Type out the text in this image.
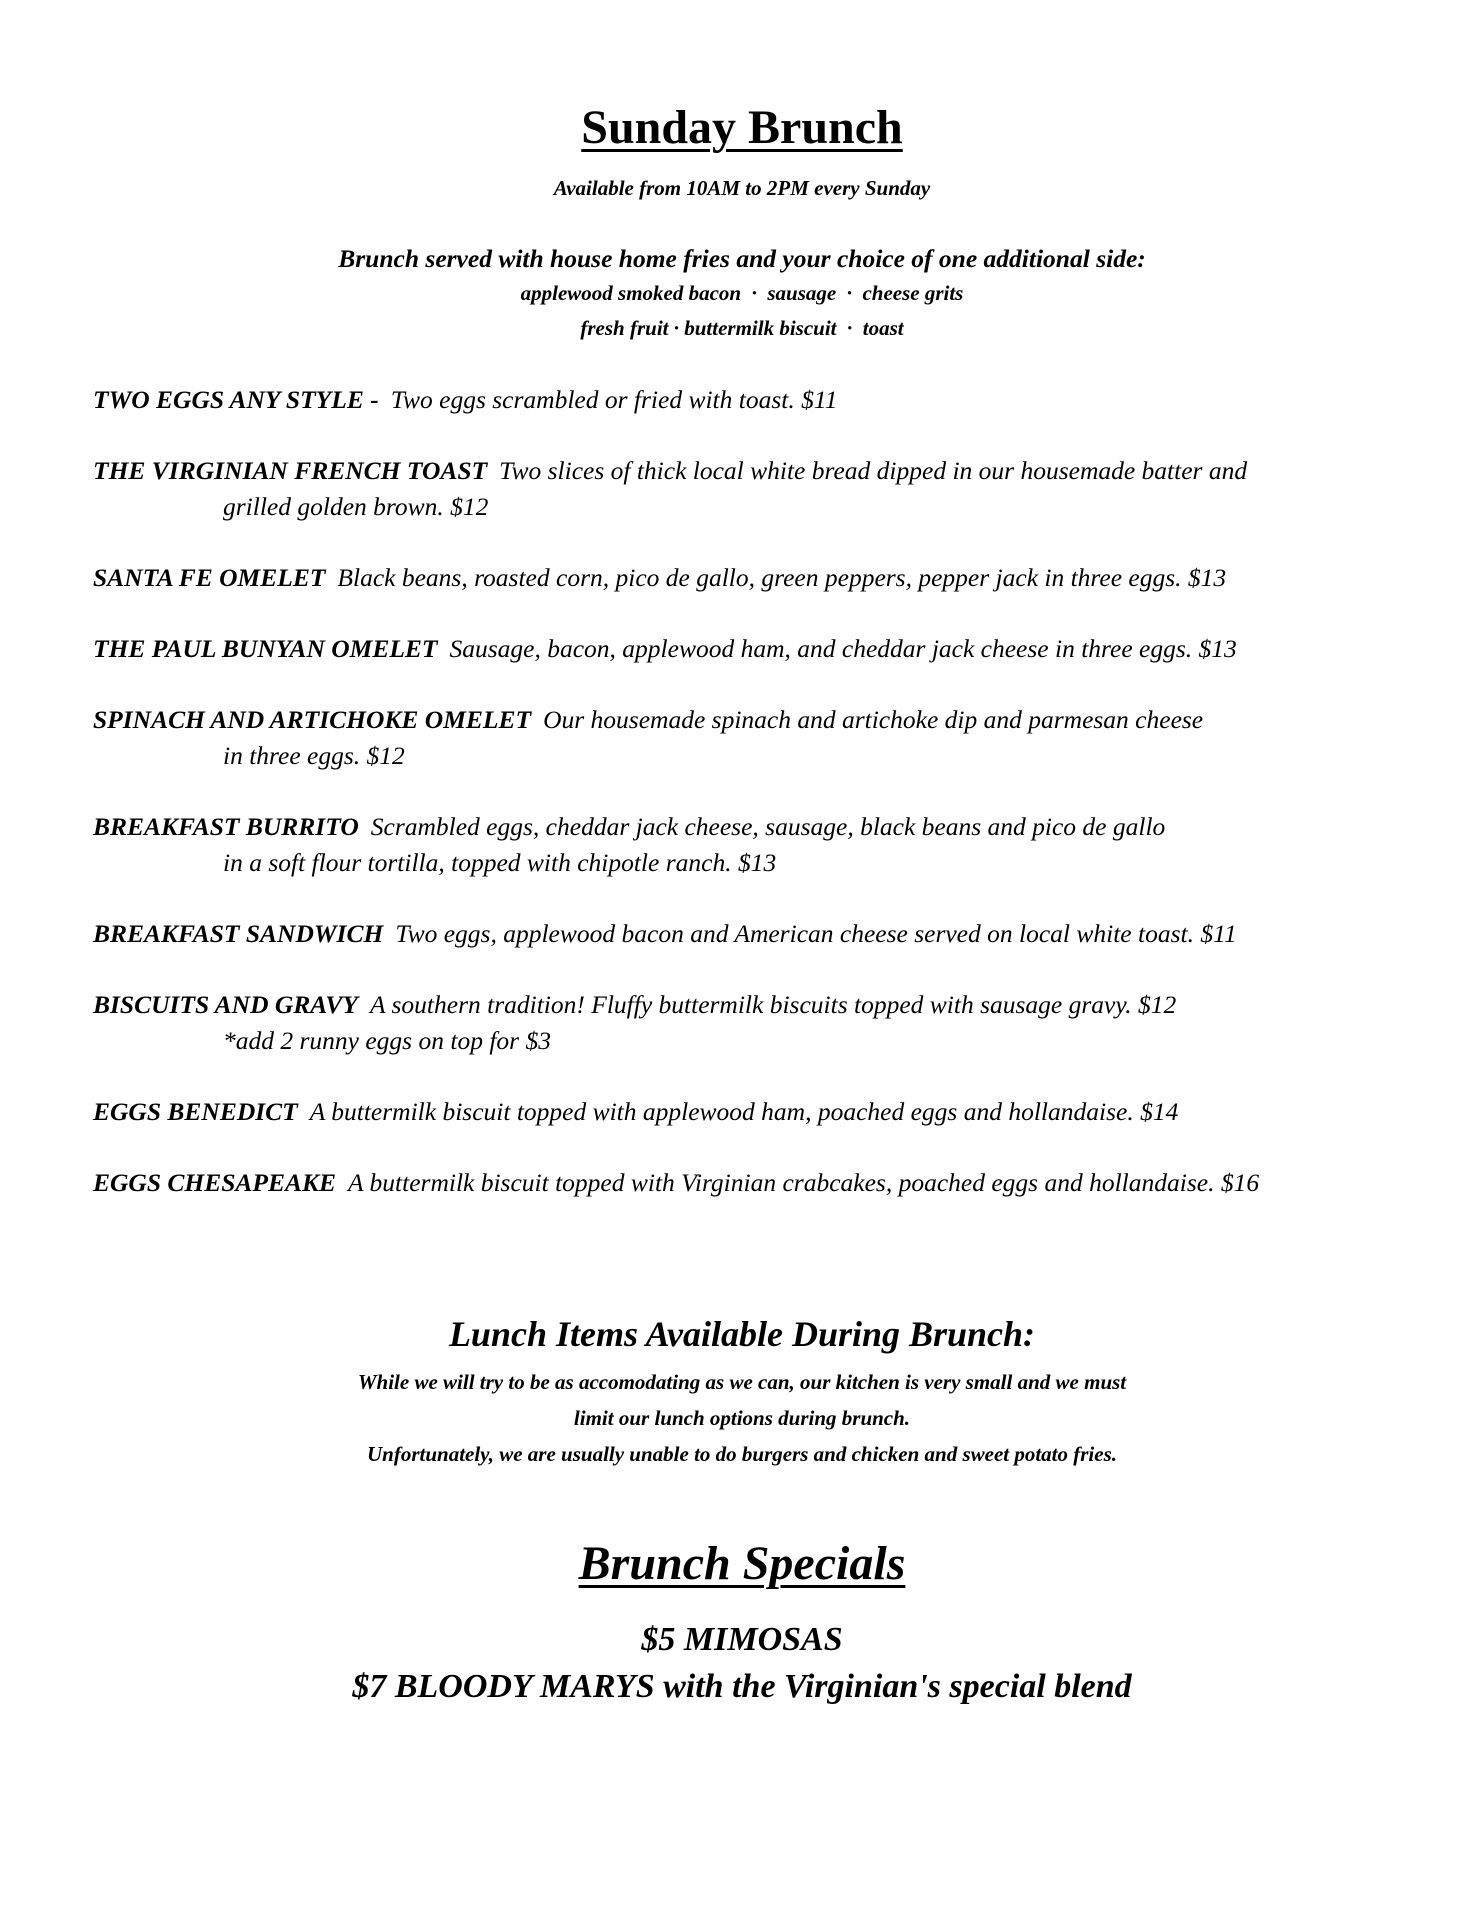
Sunday Brunch
Available from 10AM to 2PM every Sunday
Brunch served with house home fries and your choice of one additional side:
applewood smoked bacon  ·  sausage  ·  cheese grits
fresh fruit · buttermilk biscuit  ·  toast
TWO EGGS ANY STYLE - Two eggs scrambled or fried with toast. $11
THE VIRGINIAN FRENCH TOAST Two slices of thick local white bread dipped in our housemade batter and
grilled golden brown. $12
SANTA FE OMELET Black beans, roasted corn, pico de gallo, green peppers, pepper jack in three eggs. $13
THE PAUL BUNYAN OMELET Sausage, bacon, applewood ham, and cheddar jack cheese in three eggs. $13
SPINACH AND ARTICHOKE OMELET Our housemade spinach and artichoke dip and parmesan cheese
in three eggs. $12
BREAKFAST BURRITO Scrambled eggs, cheddar jack cheese, sausage, black beans and pico de gallo
in a soft flour tortilla, topped with chipotle ranch. $13
BREAKFAST SANDWICH Two eggs, applewood bacon and American cheese served on local white toast. $11
BISCUITS AND GRAVY A southern tradition! Fluffy buttermilk biscuits topped with sausage gravy. $12
*add 2 runny eggs on top for $3
EGGS BENEDICT A buttermilk biscuit topped with applewood ham, poached eggs and hollandaise. $14
EGGS CHESAPEAKE A buttermilk biscuit topped with Virginian crabcakes, poached eggs and hollandaise. $16
Lunch Items Available During Brunch:
While we will try to be as accomodating as we can, our kitchen is very small and we must
limit our lunch options during brunch.
Unfortunately, we are usually unable to do burgers and chicken and sweet potato fries.
Brunch Specials
$5 MIMOSAS
$7 BLOODY MARYS with the Virginian's special blend
